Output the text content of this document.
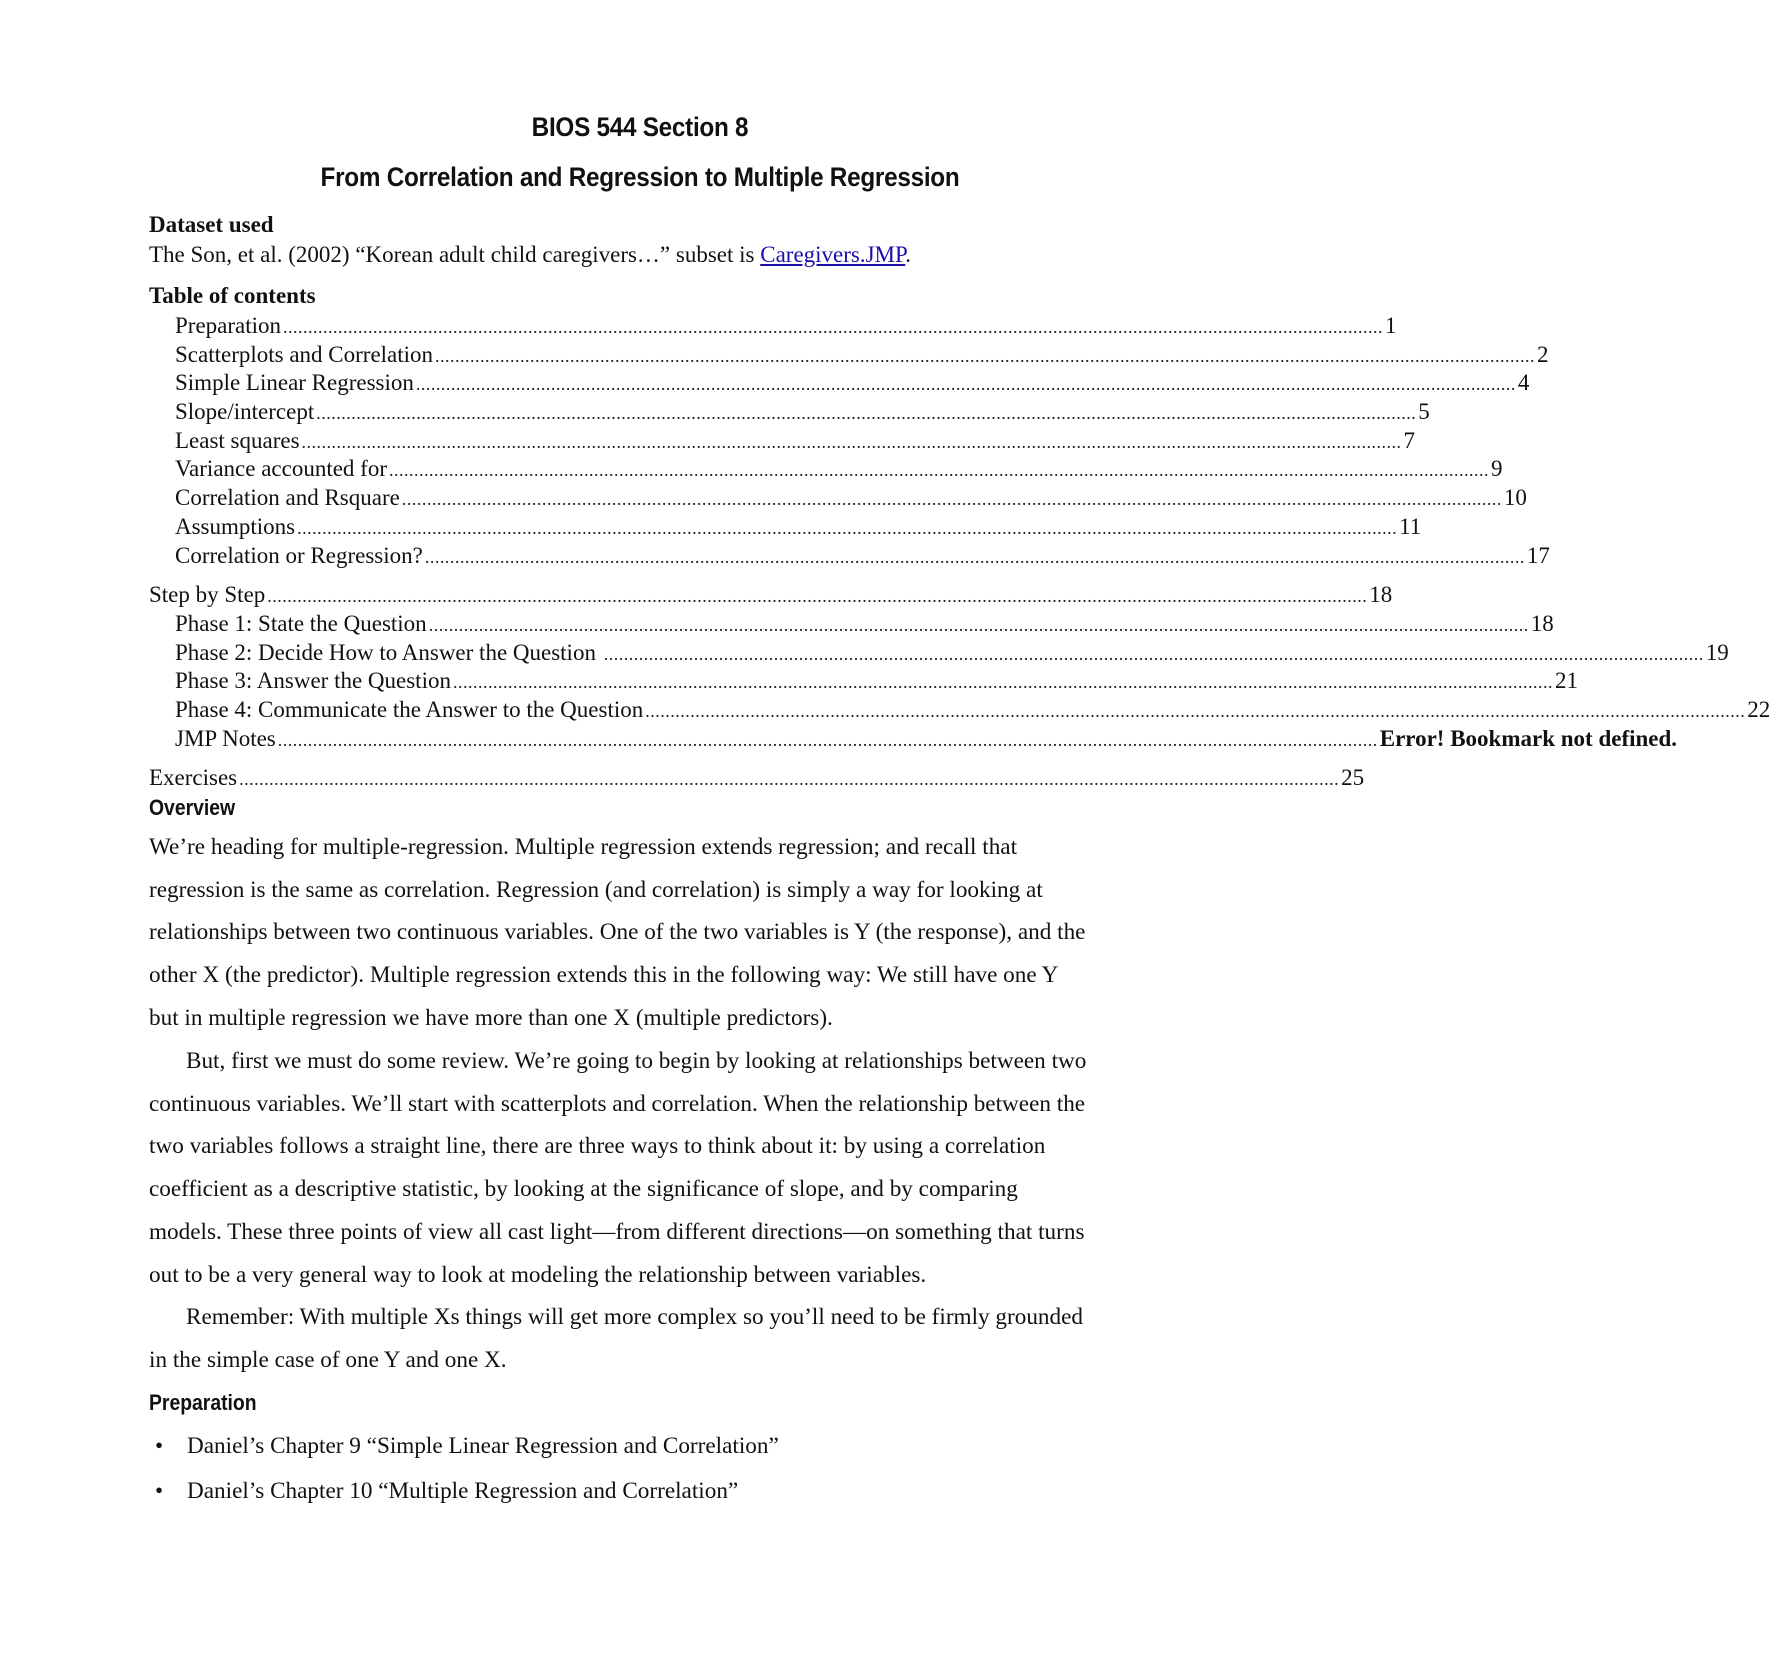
BIOS 544 Section 8
From Correlation and Regression to Multiple Regression
Dataset used
The Son, et al. (2002) “Korean adult child caregivers…” subset is Caregivers.JMP.
Table of contents
Preparation ............................................................................................................................................................................................................................ 1
Scatterplots and Correlation ............................................................................................................................................................................................................................ 2
Simple Linear Regression ............................................................................................................................................................................................................................ 4
Slope/intercept ............................................................................................................................................................................................................................ 5
Least squares ............................................................................................................................................................................................................................ 7
Variance accounted for ............................................................................................................................................................................................................................ 9
Correlation and Rsquare ............................................................................................................................................................................................................................ 10
Assumptions ............................................................................................................................................................................................................................ 11
Correlation or Regression? ............................................................................................................................................................................................................................ 17
Step by Step ............................................................................................................................................................................................................................ 18
Phase 1: State the Question ............................................................................................................................................................................................................................ 18
Phase 2: Decide How to Answer the Question ............................................................................................................................................................................................................................ 19
Phase 3: Answer the Question ............................................................................................................................................................................................................................ 21
Phase 4: Communicate the Answer to the Question ............................................................................................................................................................................................................................ 22
JMP Notes ............................................................................................................................................................................................................................ Error! Bookmark not defined.
Exercises ............................................................................................................................................................................................................................ 25
Overview
We’re heading for multiple-regression. Multiple regression extends regression; and recall that
regression is the same as correlation. Regression (and correlation) is simply a way for looking at
relationships between two continuous variables. One of the two variables is Y (the response), and the
other X (the predictor). Multiple regression extends this in the following way: We still have one Y
but in multiple regression we have more than one X (multiple predictors).
But, first we must do some review. We’re going to begin by looking at relationships between two
continuous variables. We’ll start with scatterplots and correlation. When the relationship between the
two variables follows a straight line, there are three ways to think about it: by using a correlation
coefficient as a descriptive statistic, by looking at the significance of slope, and by comparing
models. These three points of view all cast light—from different directions—on something that turns
out to be a very general way to look at modeling the relationship between variables.
Remember: With multiple Xs things will get more complex so you’ll need to be firmly grounded
in the simple case of one Y and one X.
Preparation
• Daniel’s Chapter 9 “Simple Linear Regression and Correlation”
• Daniel’s Chapter 10 “Multiple Regression and Correlation”
